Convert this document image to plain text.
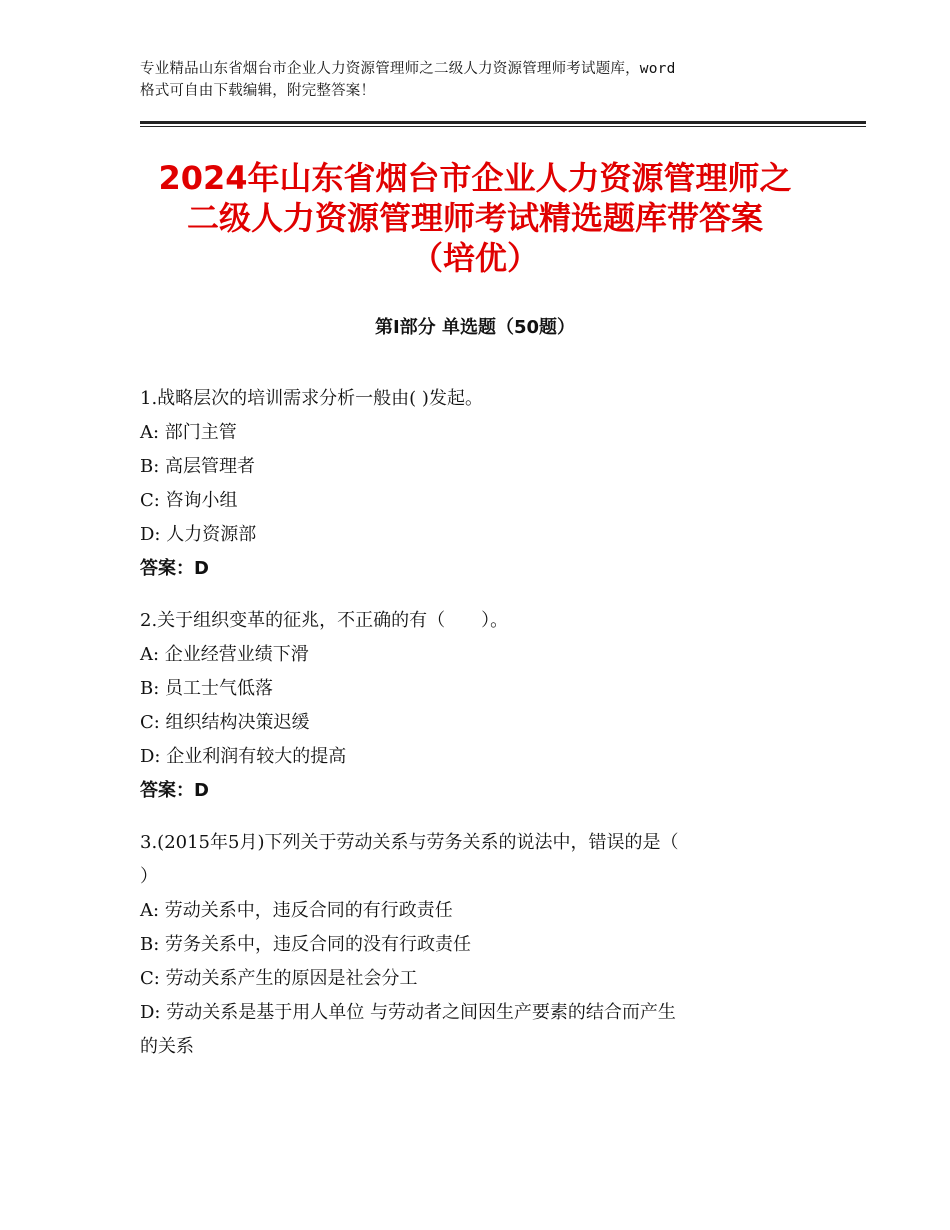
专业精品山东省烟台市企业人力资源管理师之二级人力资源管理师考试题库，word
格式可自由下载编辑，附完整答案！
2024年山东省烟台市企业人力资源管理师之
二级人力资源管理师考试精选题库带答案
（培优）
第Ⅰ部分 单选题（50题）
1.战略层次的培训需求分析一般由( )发起。
A: 部门主管
B: 高层管理者
C: 咨询小组
D: 人力资源部
答案：D
2.关于组织变革的征兆，不正确的有（　　）。
A: 企业经营业绩下滑
B: 员工士气低落
C: 组织结构决策迟缓
D: 企业利润有较大的提高
答案：D
3.(2015年5月)下列关于劳动关系与劳务关系的说法中，错误的是（
）
A: 劳动关系中，违反合同的有行政责任
B: 劳务关系中，违反合同的没有行政责任
C: 劳动关系产生的原因是社会分工
D: 劳动关系是基于用人单位 与劳动者之间因生产要素的结合而产生
的关系
